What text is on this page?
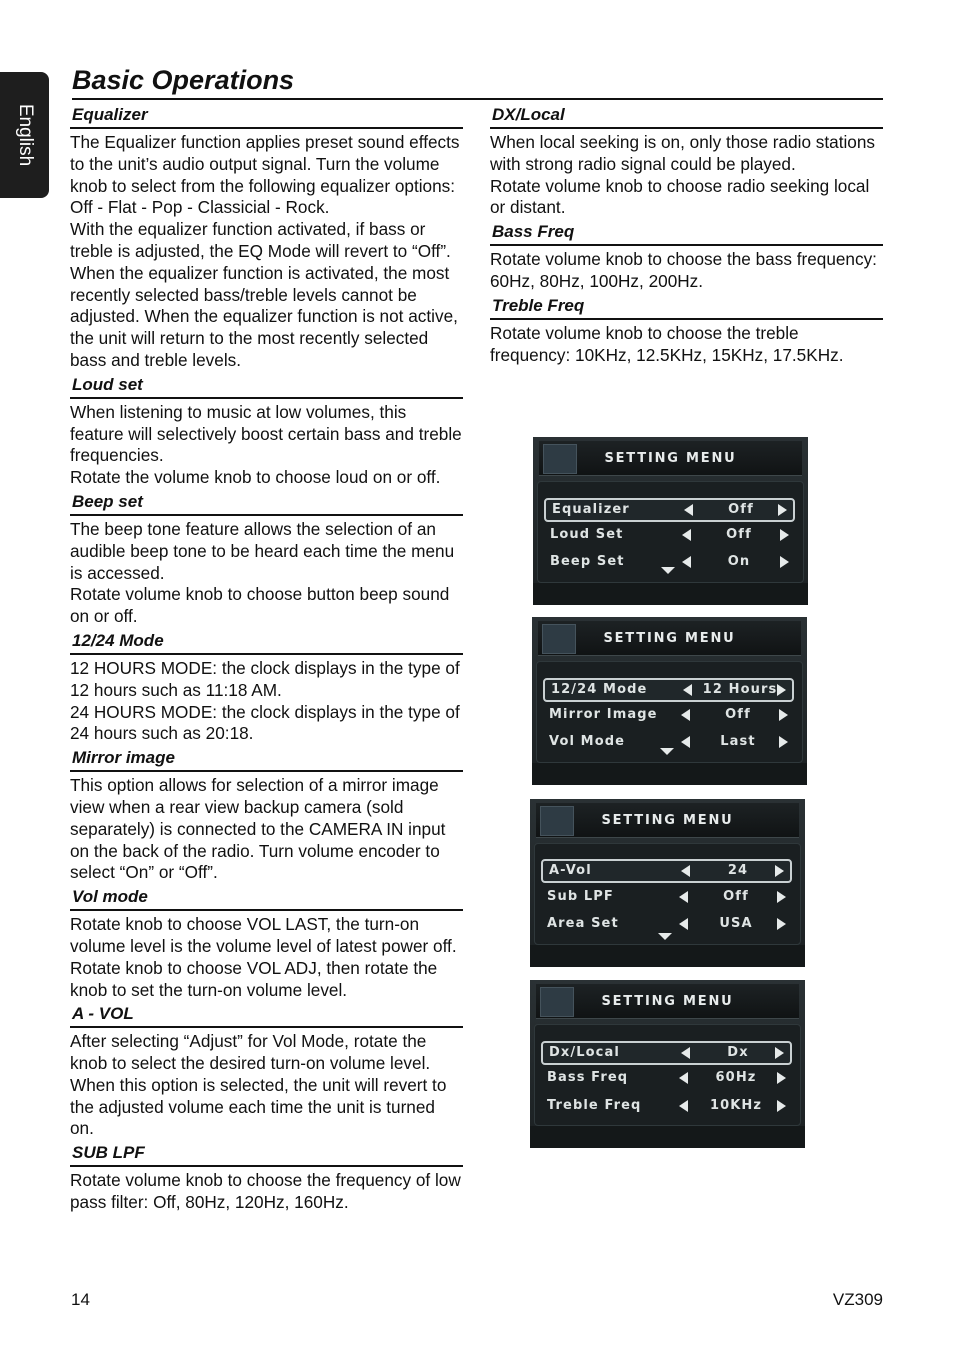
English
Basic Operations
Equalizer

The Equalizer function applies preset sound effects to the unit’s audio output signal. Turn the volume knob to select from the following equalizer options: Off - Flat - Pop - Classicial - Rock.

With the equalizer function activated, if bass or treble is adjusted, the EQ Mode will revert to “Off”. When the equalizer function is activated, the most recently selected bass/treble levels cannot be adjusted. When the equalizer function is not active, the unit will return to the most recently selected bass and treble levels.

Loud set

When listening to music at low volumes, this feature will selectively boost certain bass and treble frequencies.

Rotate the volume knob to choose loud on or off.

Beep set

The beep tone feature allows the selection of an audible beep tone to be heard each time the menu is accessed.

Rotate volume knob to choose button beep sound on or off.

12/24 Mode

12 HOURS MODE: the clock displays in the type of 12 hours such as 11:18 AM.

24 HOURS MODE: the clock displays in the type of 24 hours such as 20:18.

Mirror image

This option allows for selection of a mirror image view when a rear view backup camera (sold separately) is connected to the CAMERA IN input on the back of the radio. Turn volume encoder to select “On” or “Off”.

Vol mode

Rotate knob to choose VOL LAST, the turn-on volume level is the volume level of latest power off.

Rotate knob to choose VOL ADJ, then rotate the knob to set the turn-on volume level.

A - VOL

After selecting “Adjust” for Vol Mode, rotate the knob to select the desired turn-on volume level. When this option is selected, the unit will revert to the adjusted volume each time the unit is turned on.

SUB LPF

Rotate volume knob to choose the frequency of low pass filter: Off, 80Hz, 120Hz, 160Hz.

DX/Local

When local seeking is on, only those radio stations with strong radio signal could be played.

Rotate volume knob to choose radio seeking local or distant.

Bass Freq

Rotate volume knob to choose the bass frequency: 60Hz, 80Hz, 100Hz, 200Hz.

Treble Freq

Rotate volume knob to choose the treble frequency: 10KHz, 12.5KHz, 15KHz, 17.5KHz.

SETTING MENU
Equalizer	Off
Loud Set	Off
Beep Set	On
SETTING MENU
12/24 Mode	12 Hours
Mirror Image	Off
Vol Mode	Last
SETTING MENU
A-Vol	24
Sub LPF	Off
Area Set	USA
SETTING MENU
Dx/Local	Dx
Bass Freq	60Hz
Treble Freq	10KHz
14	VZ309
